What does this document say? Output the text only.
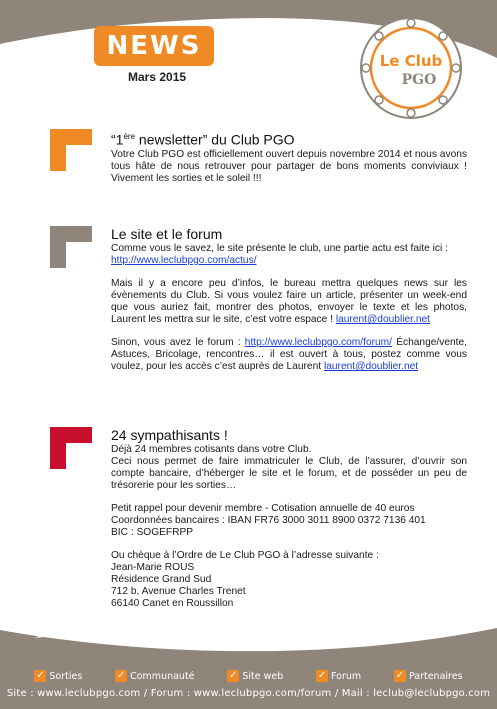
NEWS
Mars 2015
Le Club
PGO
“1ère newsletter” du Club PGO
Votre Club PGO est officiellement ouvert depuis novembre 2014 et nous avons tous hâte de nous retrouver pour partager de bons moments conviviaux ! Vivement les sorties et le soleil !!!
Le site et le forum
Comme vous le savez, le site présente le club, une partie actu est faite ici :
http://www.leclubpgo.com/actus/
Mais il y a encore peu d’infos, le bureau mettra quelques news sur les évènements du Club. Si vous voulez faire un article, présenter un week-end que vous auriez fait, montrer des photos, envoyer le texte et les photos, Laurent les mettra sur le site, c’est votre espace ! laurent@doublier.net
Sinon, vous avez le forum : http://www.leclubpgo.com/forum/ Échange/vente, Astuces, Bricolage, rencontres… il est ouvert à tous, postez comme vous voulez, pour les accès c’est auprès de Laurent laurent@doublier.net
24 sympathisants !
Déjà 24 membres cotisants dans votre Club.
Ceci nous permet de faire immatriculer le Club, de l’assurer, d’ouvrir son compte bancaire, d’héberger le site et le forum, et de posséder un peu de trésorerie pour les sorties…
Petit rappel pour devenir membre - Cotisation annuelle de 40 euros
Coordonnées bancaires : IBAN FR76 3000 3011 8900 0372 7136 401
BIC : SOGEFRPP
Ou chèque à l’Ordre de Le Club PGO à l’adresse suivante :
Jean-Marie ROUS
Résidence Grand Sud
712 b, Avenue Charles Trenet
66140 Canet en Roussillon
✓ Sorties	✓ Communauté	✓ Site web	✓ Forum	✓ Partenaires
Site : www.leclubpgo.com / Forum : www.leclubpgo.com/forum / Mail : leclub@leclubpgo.com
